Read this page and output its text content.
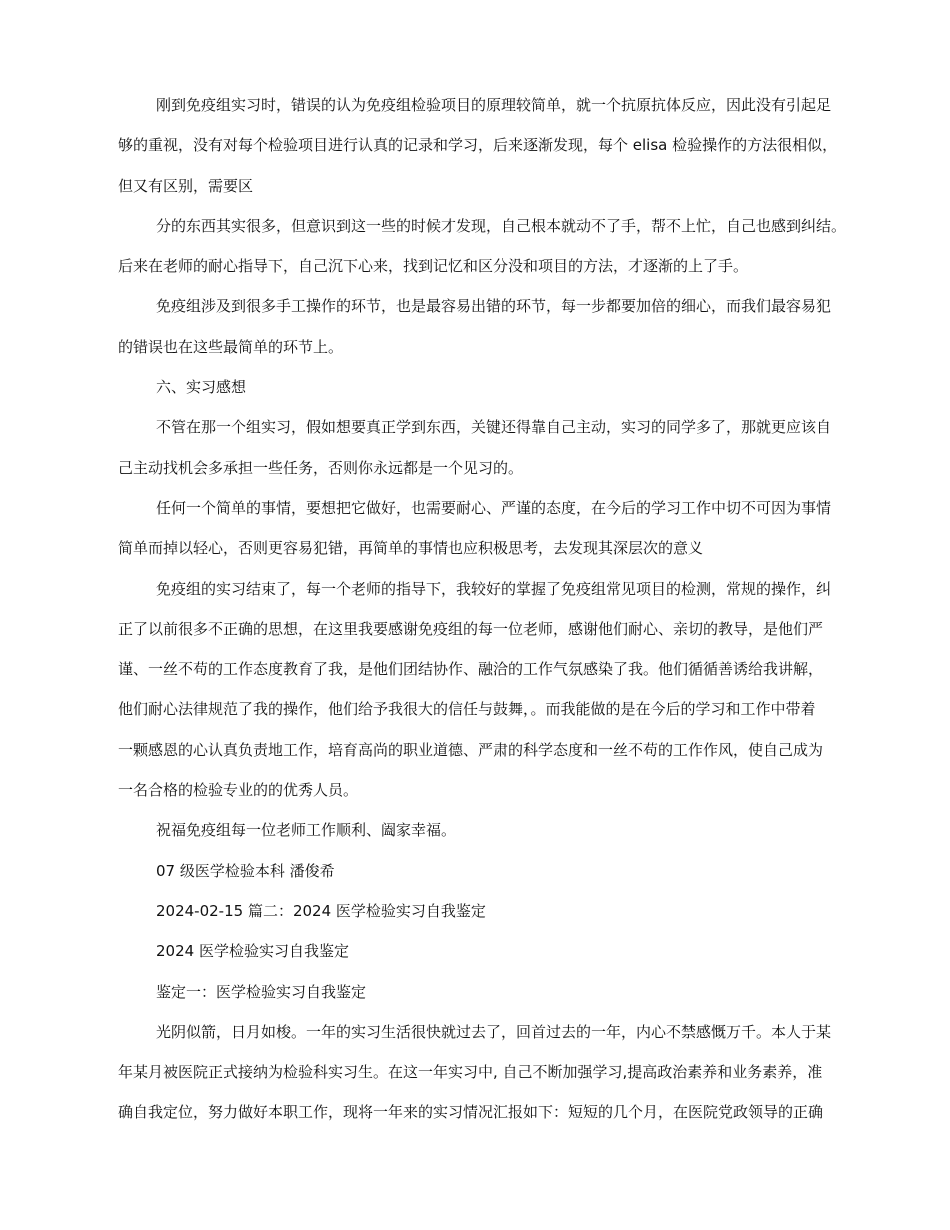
刚到免疫组实习时，错误的认为免疫组检验项目的原理较简单，就一个抗原抗体反应，因此没有引起足
够的重视，没有对每个检验项目进行认真的记录和学习，后来逐渐发现，每个 elisa 检验操作的方法很相似，
但又有区别，需要区
分的东西其实很多，但意识到这一些的时候才发现，自己根本就动不了手，帮不上忙，自己也感到纠结。
后来在老师的耐心指导下，自己沉下心来，找到记忆和区分没和项目的方法，才逐渐的上了手。
免疫组涉及到很多手工操作的环节，也是最容易出错的环节，每一步都要加倍的细心，而我们最容易犯
的错误也在这些最简单的环节上。
六、实习感想
不管在那一个组实习，假如想要真正学到东西，关键还得靠自己主动，实习的同学多了，那就更应该自
己主动找机会多承担一些任务，否则你永远都是一个见习的。
任何一个简单的事情，要想把它做好，也需要耐心、严谨的态度，在今后的学习工作中切不可因为事情
简单而掉以轻心，否则更容易犯错，再简单的事情也应积极思考，去发现其深层次的意义
免疫组的实习结束了，每一个老师的指导下，我较好的掌握了免疫组常见项目的检测，常规的操作，纠
正了以前很多不正确的思想，在这里我要感谢免疫组的每一位老师，感谢他们耐心、亲切的教导，是他们严
谨、一丝不苟的工作态度教育了我，是他们团结协作、融洽的工作气氛感染了我。他们循循善诱给我讲解，
他们耐心法律规范了我的操作，他们给予我很大的信任与鼓舞，。而我能做的是在今后的学习和工作中带着
一颗感恩的心认真负责地工作，培育高尚的职业道德、严肃的科学态度和一丝不苟的工作作风，使自己成为
一名合格的检验专业的的优秀人员。
祝福免疫组每一位老师工作顺利、阖家幸福。
07 级医学检验本科 潘俊希
2024-02-15 篇二：2024 医学检验实习自我鉴定
2024 医学检验实习自我鉴定
鉴定一：医学检验实习自我鉴定
光阴似箭，日月如梭。一年的实习生活很快就过去了，回首过去的一年，内心不禁感慨万千。本人于某
年某月被医院正式接纳为检验科实习生。在这一年实习中, 自己不断加强学习,提高政治素养和业务素养，准
确自我定位，努力做好本职工作，现将一年来的实习情况汇报如下：短短的几个月，在医院党政领导的正确
